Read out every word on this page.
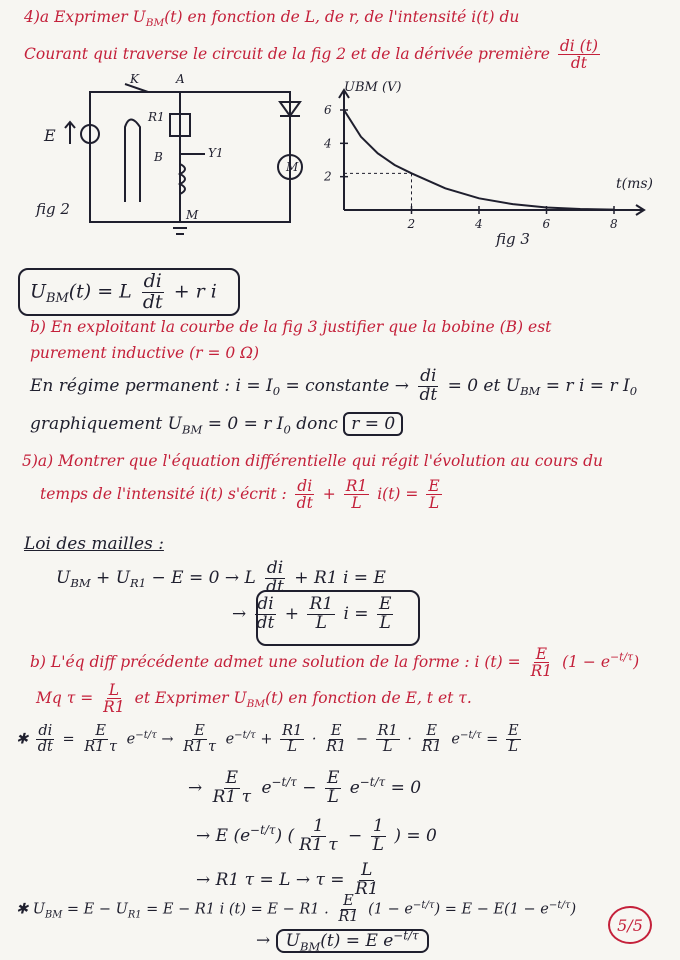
4)a Exprimer $U_{BM}(t)$ en fonction de L, de r, de l'intensité i(t) du
Courant qui traverse le circuit de la fig 2 et de la dérivée première $\frac{di (t)}{dt}$
K	A
E
R1
B	Y1
M
M
fig 2
6
4
2
2	4	6	8
UBM (V)
t(ms)
fig 3
$U_{BM}(t) = L \frac{di}{dt} + r$ i
b) En exploitant la courbe de la fig 3 justifier que la bobine (B) est
purement inductive (r = 0 Ω)
En régime permanent : $i = I_0$ = constante → $\frac{di}{dt} = 0$ et $U_{BM} = r$ i = r $I_0$
graphiquement $U_{BM} = 0 = r$ $I_0$ donc r = 0
5)a) Montrer que l'équation différentielle qui régit l'évolution au cours du
temps de l'intensité i(t) s'écrit : $\frac{di}{dt} + \frac{R1}{L} i(t) = \frac{E}{L}$
Loi des mailles :
$U_{BM} + U_{R1} - E = 0 \to L \frac{di}{dt} + R1$ i = E
→ $\frac{di}{dt} + \frac{R1}{L}$ $i = \frac{E}{L}$
b) L'éq diff précédente admet une solution de la forme : i $(t) = \frac{E}{R1} (1 - e^{-t/\tau})$
Mq $\tau = \frac{L}{R1}$ et Exprimer $U_{BM}(t)$ en fonction de E, t et τ.
✱ $\frac{di}{dt} = \frac{E}{R1 \tau} e^{-t/\tau} \to \frac{E}{R1 \tau} e^{-t/\tau} + \frac{R1}{L} \cdot \frac{E}{R1} - \frac{R1}{L} \cdot \frac{E}{R1} e^{-t/\tau} = \frac{E}{L}$
→ $\frac{E}{R1 \tau} e^{-t/\tau} - \frac{E}{L} e^{-t/\tau} = 0$
→ E $(e^{-t/\tau})$ ( $\frac{1}{R1 \tau} - \frac{1}{L}$ ) = 0
→ R1 $\tau = L \to \tau = \frac{L}{R1}$
✱ $U_{BM} = E - U_{R1} = E - R1$ i (t) = E − R1 . $\frac{E}{R1} (1 - e^{-t/\tau}) = E - E(1 - e^{-t/\tau})$
→ $U_{BM}(t) = E$ $e^{-t/\tau}$
5/5
